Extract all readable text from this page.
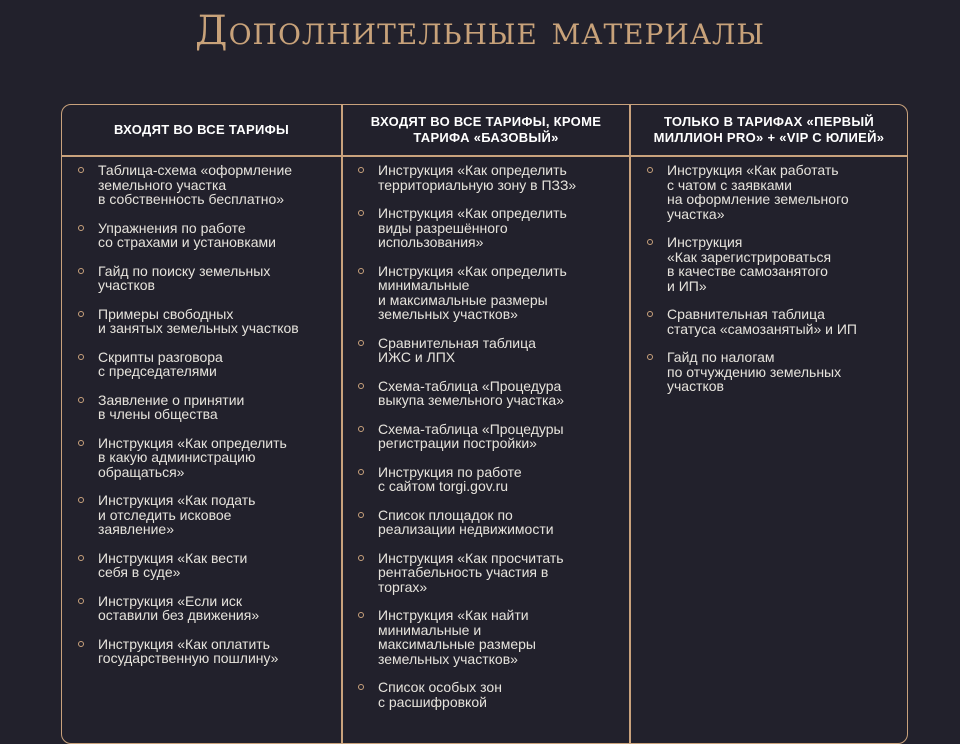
Дополнительные материалы
ВХОДЯТ ВО ВСЕ ТАРИФЫ
ВХОДЯТ ВО ВСЕ ТАРИФЫ, КРОМЕ ТАРИФА «БАЗОВЫЙ»
ТОЛЬКО В ТАРИФАХ «ПЕРВЫЙ МИЛЛИОН PRO» + «VIP С ЮЛИЕЙ»
Таблица-схема «оформление
земельного участка
в собственность бесплатно»
Упражнения по работе
со страхами и установками
Гайд по поиску земельных
участков
Примеры свободных
и занятых земельных участков
Скрипты разговора
с председателями
Заявление о принятии
в члены общества
Инструкция «Как определить
в какую администрацию
обращаться»
Инструкция «Как подать
и отследить исковое
заявление»
Инструкция «Как вести
себя в суде»
Инструкция «Если иск
оставили без движения»
Инструкция «Как оплатить
государственную пошлину»
Инструкция «Как определить
территориальную зону в ПЗЗ»
Инструкция «Как определить
виды разрешённого
использования»
Инструкция «Как определить
минимальные
и максимальные размеры
земельных участков»
Сравнительная таблица
ИЖС и ЛПХ
Схема-таблица «Процедура
выкупа земельного участка»
Схема-таблица «Процедуры
регистрации постройки»
Инструкция по работе
с сайтом torgi.gov.ru
Список площадок по
реализации недвижимости
Инструкция «Как просчитать
рентабельность участия в
торгах»
Инструкция «Как найти
минимальные и
максимальные размеры
земельных участков»
Список особых зон
с расшифровкой
Инструкция «Как работать
с чатом с заявками
на оформление земельного
участка»
Инструкция
«Как зарегистрироваться
в качестве самозанятого
и ИП»
Сравнительная таблица
статуса «самозанятый» и ИП
Гайд по налогам
по отчуждению земельных
участков
